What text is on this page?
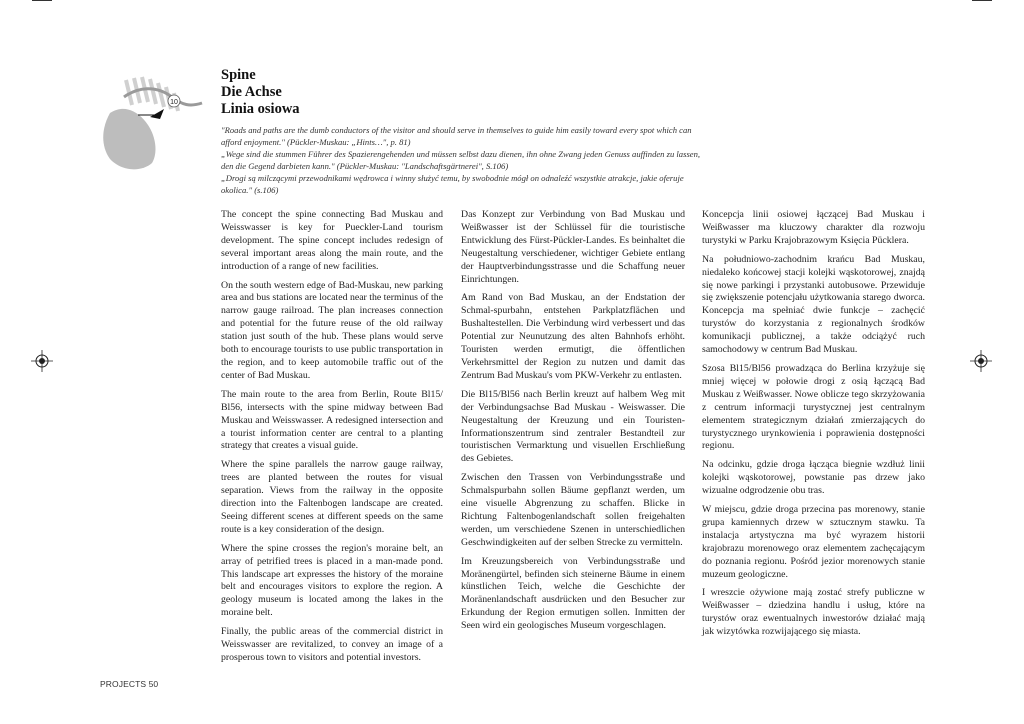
10
Spine
Die Achse
Linia osiowa
"Roads and paths are the dumb conductors of the visitor and should serve in themselves to guide him easily toward every spot which can afford enjoyment." (Pückler-Muskau: „Hints…", p. 81)
„Wege sind die stummen Führer des Spazierengehenden und müssen selbst dazu dienen, ihn ohne Zwang jeden Genuss auffinden zu lassen, den die Gegend darbieten kann." (Pückler-Muskau: "Landschaftsgärtnerei", S.106)
„Drogi są milczącymi przewodnikami wędrowca i winny służyć temu, by swobodnie mógł on odnaleźć wszystkie atrakcje, jakie oferuje okolica." (s.106)

The concept the spine connecting Bad Muskau and Weisswasser is key for Pueckler-Land tourism development. The spine concept includes redesign of several important areas along the main route, and the introduction of a range of new facilities.

On the south western edge of Bad-Muskau, new parking area and bus stations are located near the terminus of the narrow gauge railroad. The plan increases connection and potential for the future reuse of the old railway station just south of the hub. These plans would serve both to encourage tourists to use public transportation in the region, and to keep automobile traffic out of the center of Bad Muskau.

The main route to the area from Berlin, Route Bl15/ Bl56, intersects with the spine midway between Bad Muskau and Weisswasser. A redesigned intersection and a tourist information center are central to a planting strategy that creates a visual guide.

Where the spine parallels the narrow gauge railway, trees are planted between the routes for visual separation. Views from the railway in the opposite direction into the Faltenbogen landscape are created. Seeing different scenes at different speeds on the same route is a key consideration of the design.

Where the spine crosses the region's moraine belt, an array of petrified trees is placed in a man-made pond. This landscape art expresses the history of the moraine belt and encourages visitors to explore the region. A geology museum is located among the lakes in the moraine belt.

Finally, the public areas of the commercial district in Weisswasser are revitalized, to convey an image of a prosperous town to visitors and potential investors.

Das Konzept zur Verbindung von Bad Muskau und Weißwasser ist der Schlüssel für die touristische Entwicklung des Fürst-Pückler-Landes. Es beinhaltet die Neugestaltung verschiedener, wichtiger Gebiete entlang der Hauptverbindungsstrasse und die Schaffung neuer Einrichtungen.

Am Rand von Bad Muskau, an der Endstation der Schmal-spurbahn, entstehen Parkplatzflächen und Bushaltestellen. Die Verbindung wird verbessert und das Potential zur Neunutzung des alten Bahnhofs erhöht. Touristen werden ermutigt, die öffentlichen Verkehrsmittel der Region zu nutzen und damit das Zentrum Bad Muskau's vom PKW-Verkehr zu entlasten.

Die Bl15/Bl56 nach Berlin kreuzt auf halbem Weg mit der Verbindungsachse Bad Muskau - Weiswasser. Die Neugestaltung der Kreuzung und ein Touristen-Informationszentrum sind zentraler Bestandteil zur touristischen Vermarktung und visuellen Erschließung des Gebietes.

Zwischen den Trassen von Verbindungsstraße und Schmalspurbahn sollen Bäume gepflanzt werden, um eine visuelle Abgrenzung zu schaffen. Blicke in Richtung Faltenbogenlandschaft sollen freigehalten werden, um verschiedene Szenen in unterschiedlichen Geschwindigkeiten auf der selben Strecke zu vermitteln.

Im Kreuzungsbereich von Verbindungsstraße und Moränengürtel, befinden sich steinerne Bäume in einem künstlichen Teich, welche die Geschichte der Moränenlandschaft ausdrücken und den Besucher zur Erkundung der Region ermutigen sollen. Inmitten der Seen wird ein geologisches Museum vorgeschlagen.

Koncepcja linii osiowej łączącej Bad Muskau i Weißwasser ma kluczowy charakter dla rozwoju turystyki w Parku Krajobrazowym Księcia Pücklera.

Na południowo-zachodnim krańcu Bad Muskau, niedaleko końcowej stacji kolejki wąskotorowej, znajdą się nowe parkingi i przystanki autobusowe. Przewiduje się zwiększenie potencjału użytkowania starego dworca. Koncepcja ma spełniać dwie funkcje – zachęcić turystów do korzystania z regionalnych środków komunikacji publicznej, a także odciążyć ruch samochodowy w centrum Bad Muskau.

Szosa Bl15/Bl56 prowadząca do Berlina krzyżuje się mniej więcej w połowie drogi z osią łączącą Bad Muskau z Weißwasser. Nowe oblicze tego skrzyżowania z centrum informacji turystycznej jest centralnym elementem strategicznym działań zmierzających do turystycznego urynkowienia i poprawienia dostępności regionu.

Na odcinku, gdzie droga łącząca biegnie wzdłuż linii kolejki wąskotorowej, powstanie pas drzew jako wizualne odgrodzenie obu tras.

W miejscu, gdzie droga przecina pas morenowy, stanie grupa kamiennych drzew w sztucznym stawku. Ta instalacja artystyczna ma być wyrazem historii krajobrazu morenowego oraz elementem zachęcającym do poznania regionu. Pośród jezior morenowych stanie muzeum geologiczne.

I wreszcie ożywione mają zostać strefy publiczne w Weißwasser – dziedzina handlu i usług, które na turystów oraz ewentualnych inwestorów działać mają jak wizytówka rozwijającego się miasta.

PROJECTS 50
